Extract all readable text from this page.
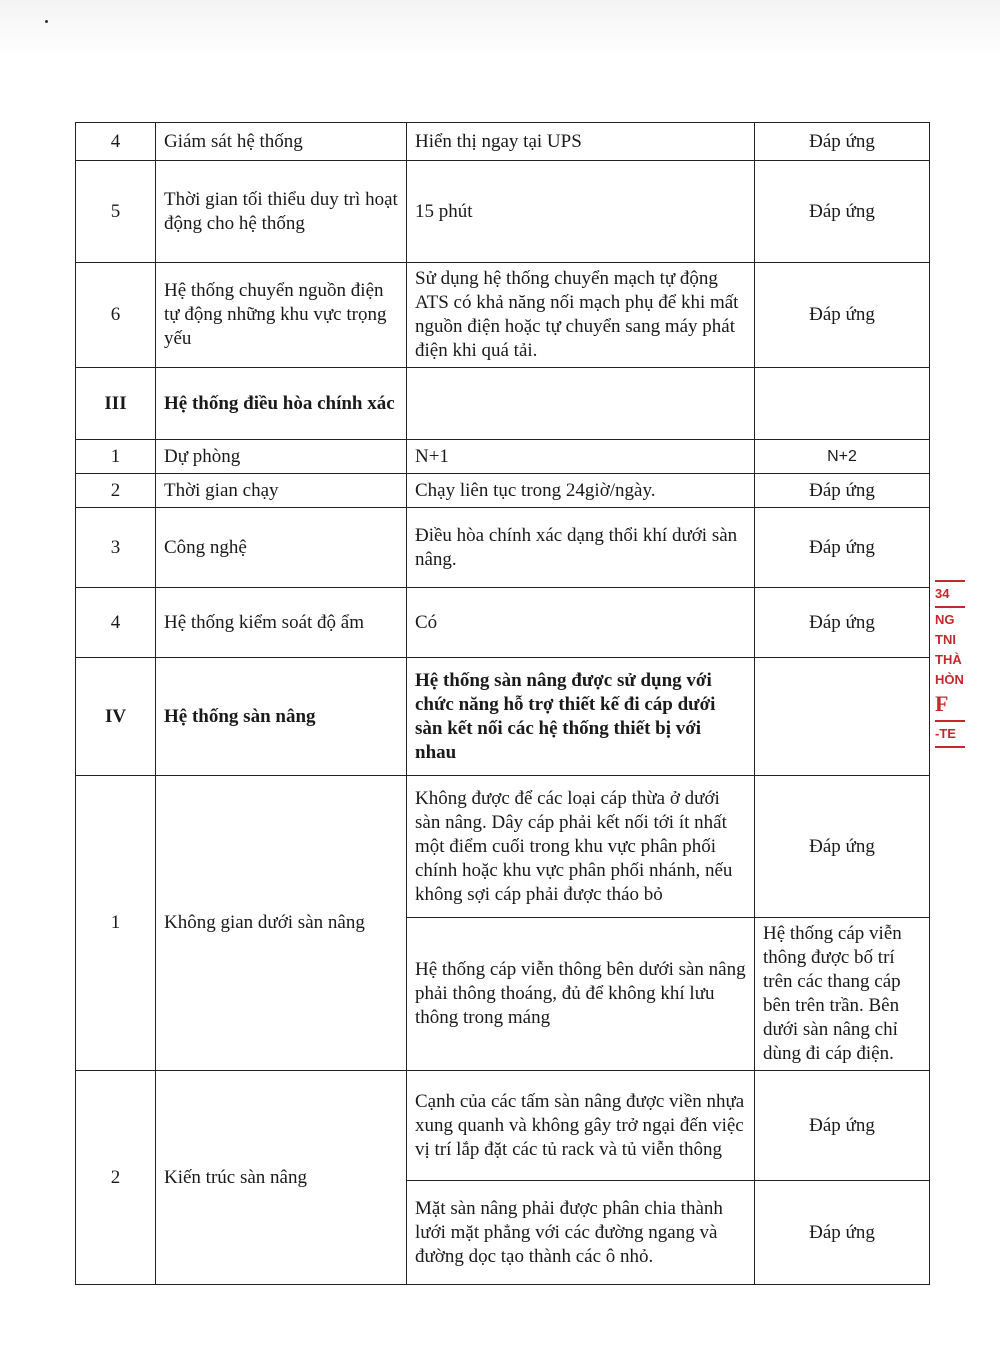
4	Giám sát hệ thống	Hiển thị ngay tại UPS	Đáp ứng
5	Thời gian tối thiểu duy trì hoạt động cho hệ thống	15 phút	Đáp ứng
6	Hệ thống chuyển nguồn điện tự động những khu vực trọng yếu	Sử dụng hệ thống chuyển mạch tự động ATS có khả năng nối mạch phụ để khi mất nguồn điện hoặc tự chuyển sang máy phát điện khi quá tải.	Đáp ứng
III	Hệ thống điều hòa chính xác		
1	Dự phòng	N+1	N+2
2	Thời gian chạy	Chạy liên tục trong 24giờ/ngày.	Đáp ứng
3	Công nghệ	Điều hòa chính xác dạng thổi khí dưới sàn nâng.	Đáp ứng
4	Hệ thống kiểm soát độ ẩm	Có	Đáp ứng
IV	Hệ thống sàn nâng	Hệ thống sàn nâng được sử dụng với chức năng hỗ trợ thiết kế đi cáp dưới sàn kết nối các hệ thống thiết bị với nhau	
1	Không gian dưới sàn nâng	Không được để các loại cáp thừa ở dưới sàn nâng. Dây cáp phải kết nối tới ít nhất một điểm cuối trong khu vực phân phối chính hoặc khu vực phân phối nhánh, nếu không sợi cáp phải được tháo bỏ	Đáp ứng
		Hệ thống cáp viễn thông bên dưới sàn nâng phải thông thoáng, đủ để không khí lưu thông trong máng	Hệ thống cáp viễn thông được bố trí trên các thang cáp bên trên trần. Bên dưới sàn nâng chỉ dùng đi cáp điện.
2	Kiến trúc sàn nâng	Cạnh của các tấm sàn nâng được viền nhựa xung quanh và không gây trở ngại đến việc vị trí lắp đặt các tủ rack và tủ viễn thông	Đáp ứng
		Mặt sàn nâng phải được phân chia thành lưới mặt phẳng với các đường ngang và đường dọc tạo thành các ô nhỏ.	Đáp ứng
34
NG
TNI
THÀ
HÒN
F
-TE
